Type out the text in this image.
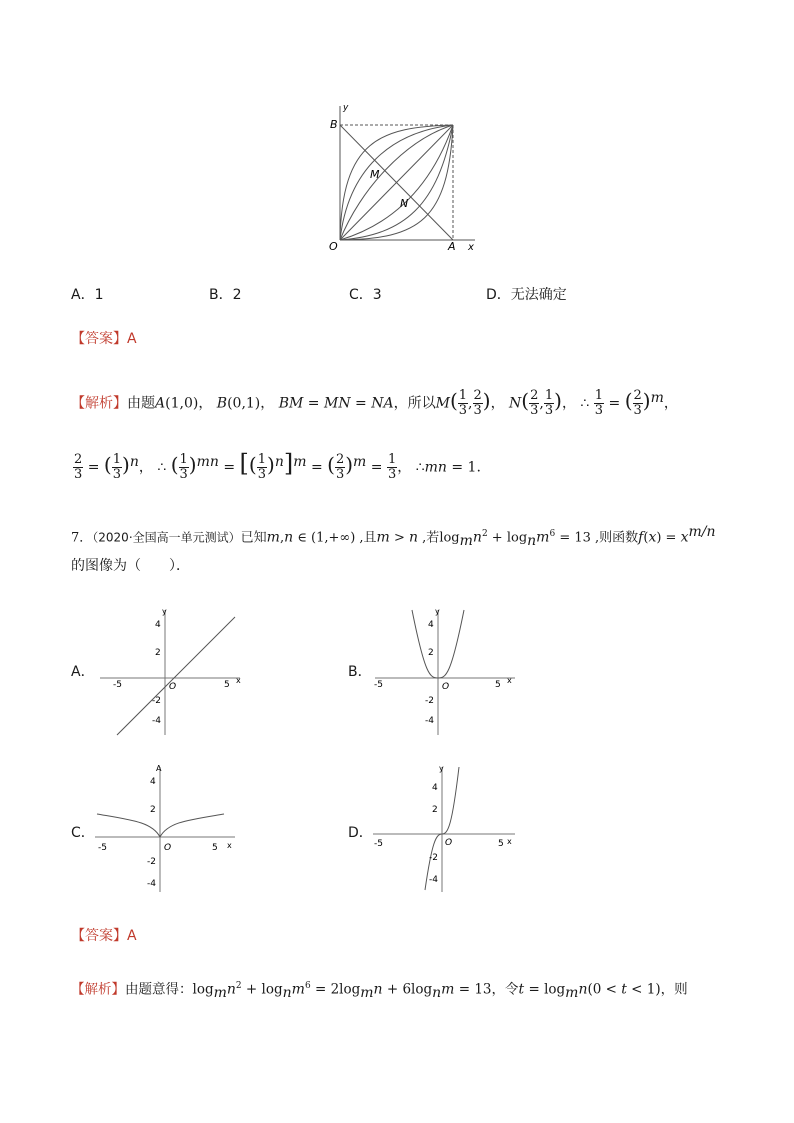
B
y
M
N
O	A x
A．1	B．2	C．3	D．无法确定
【答案】A
【解析】由题A(1,0)， B(0,1)， BM = MN = NA，所以$M( \frac{1}{3}$ , $\frac{2}{3}$ )， $N( \frac{2}{3}$ , $\frac{1}{3}$ )， ∴ $\frac{1}{3}$ = ( $\frac{2}{3} )^m$，
$\frac{2}{3}$ = ( $\frac{1}{3} )^n$， ∴ ( $\frac{1}{3} )^{mn}$ = [( $\frac{1}{3} )^n]^m$ = ( $\frac{2}{3} )^m = \frac{1}{3}$ ， ∴mn = 1.
7．（2020·全国高一单元测试）已知m,n ∈ (1,+∞) ,且m > n ,若$\log_mn^2 + \log_nm^6 = 13$ ,则函数$f(x) = x^{m/n}$
的图像为（　　）．
A．
y
x
-5	5
4
2
-2
-4
O
B．
y
x
-5	5
4
2
-2
-4
O
C．
A
x
-5	5
4
2
-2
-4
O
D．
y
x
-5	5
4
2
-2
-4
O
【答案】A
【解析】由题意得：$\log_mn^2 + \log_nm^6 = 2\log_mn + 6\log_nm = 13$，令$t = \log_mn(0 < t < 1)$，则
